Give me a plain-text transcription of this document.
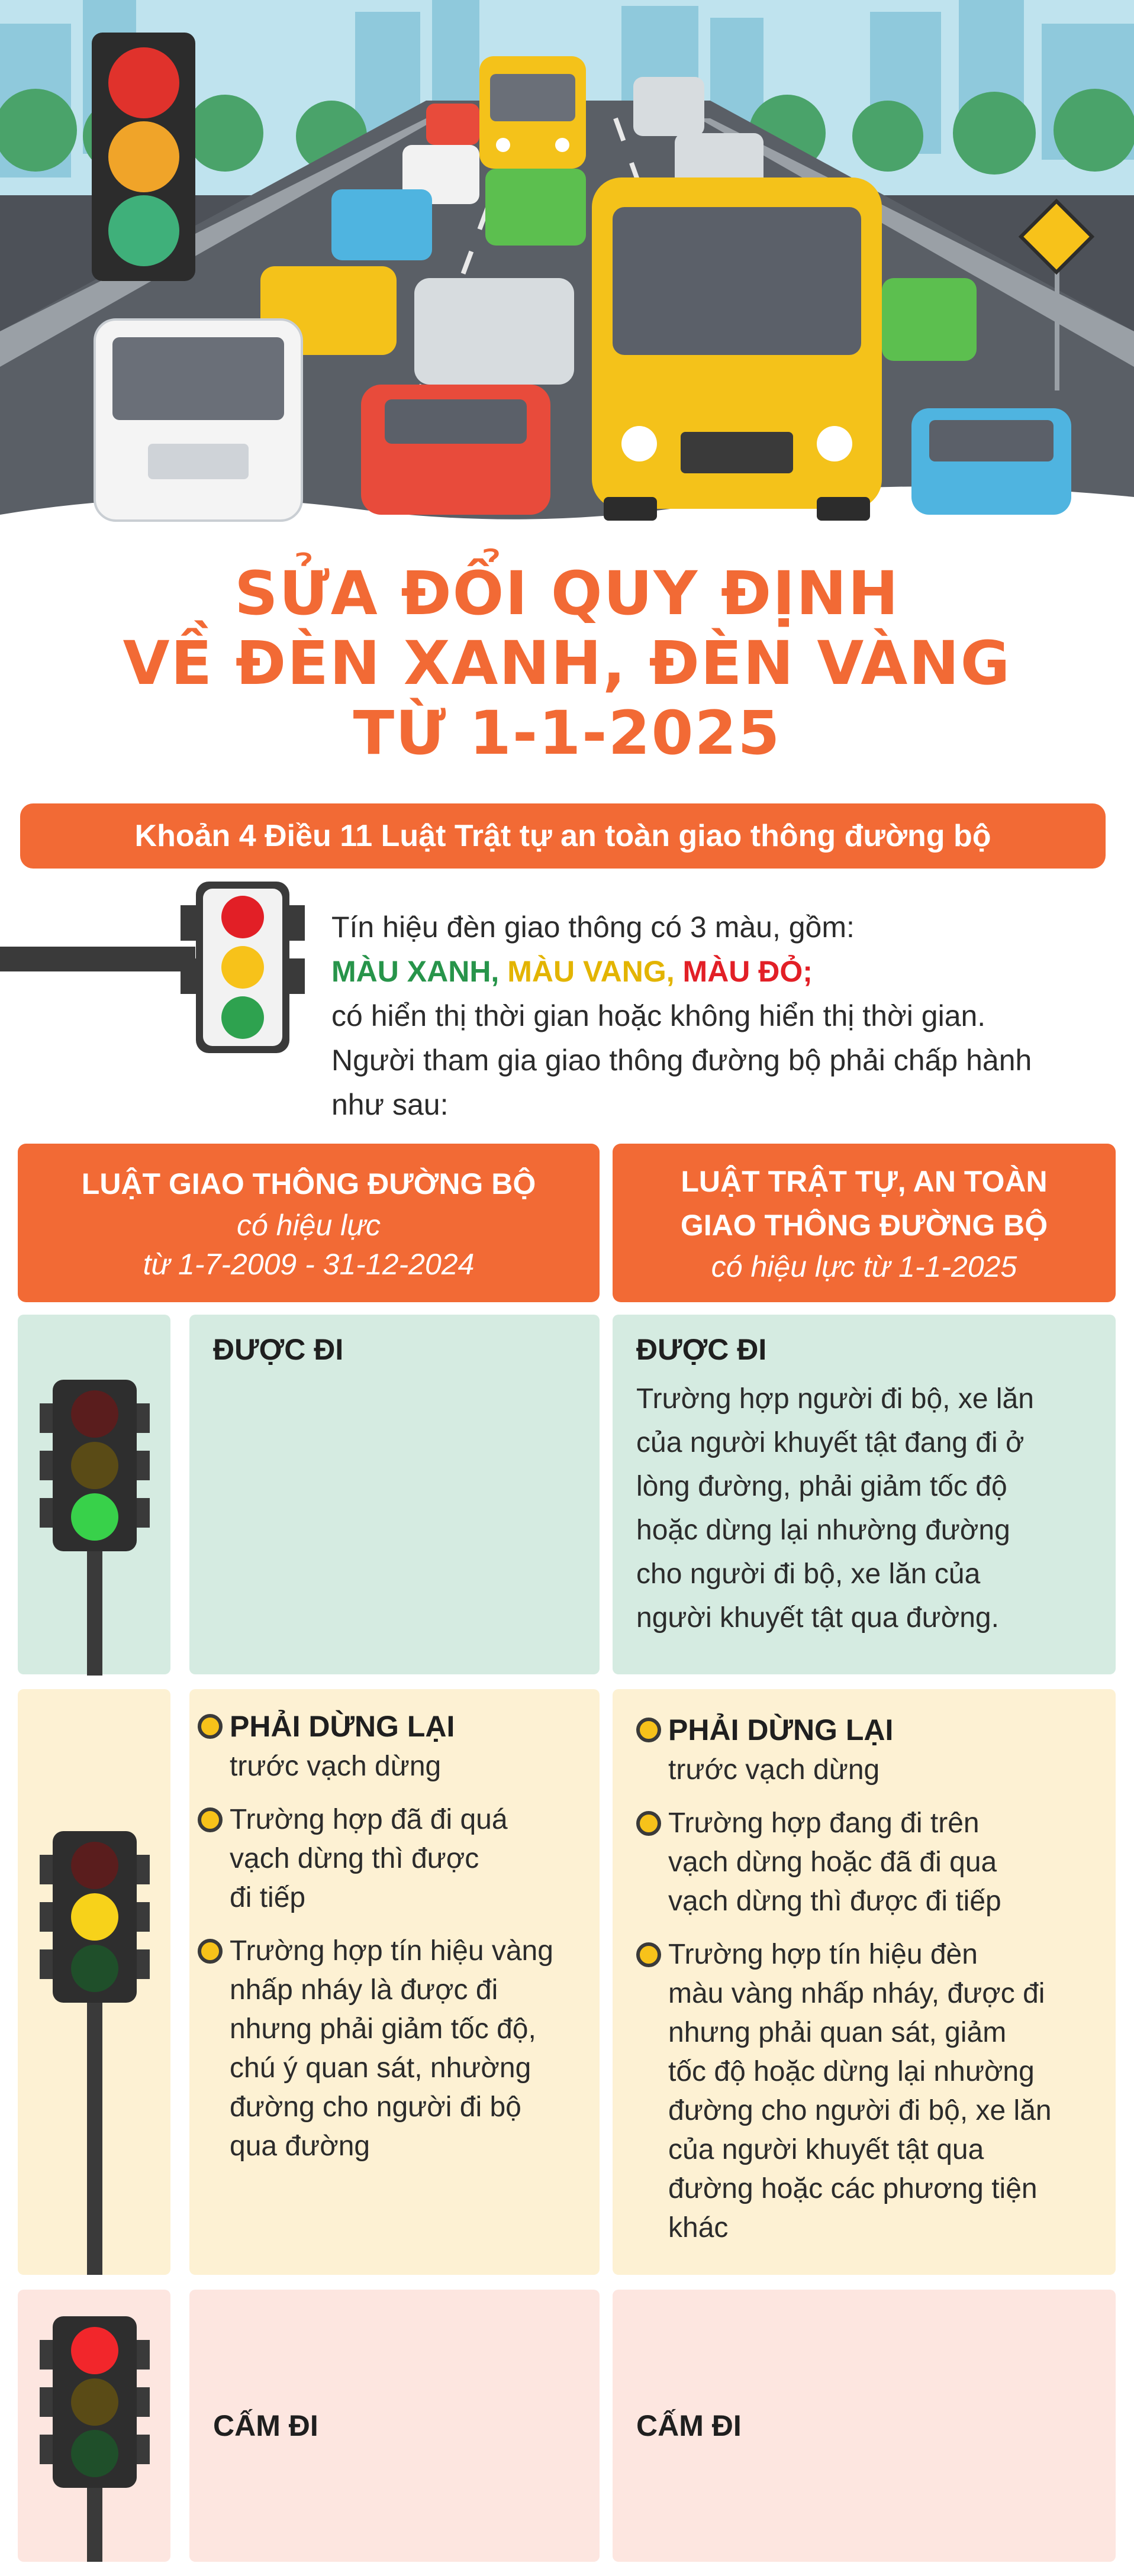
SỬA ĐỔI QUY ĐỊNH
VỀ ĐÈN XANH, ĐÈN VÀNG
TỪ 1-1-2025
Khoản 4 Điều 11 Luật Trật tự an toàn giao thông đường bộ
Tín hiệu đèn giao thông có 3 màu, gồm:
MÀU XANH, MÀU VANG, MÀU ĐỎ;
có hiển thị thời gian hoặc không hiển thị thời gian.
Người tham gia giao thông đường bộ phải chấp hành
như sau:
LUẬT GIAO THÔNG ĐƯỜNG BỘ
có hiệu lực
từ 1-7-2009 - 31-12-2024
LUẬT TRẬT TỰ, AN TOÀN
GIAO THÔNG ĐƯỜNG BỘ
có hiệu lực từ 1-1-2025
ĐƯỢC ĐI	ĐƯỢC ĐI
Trường hợp người đi bộ, xe lăn
của người khuyết tật đang đi ở
lòng đường, phải giảm tốc độ
hoặc dừng lại nhường đường
cho người đi bộ, xe lăn của
người khuyết tật qua đường.
PHẢI DỪNG LẠI
trước vạch dừng
Trường hợp đã đi quá
vạch dừng thì được
đi tiếp
Trường hợp tín hiệu vàng
nhấp nháy là được đi
nhưng phải giảm tốc độ,
chú ý quan sát, nhường
đường cho người đi bộ
qua đường
PHẢI DỪNG LẠI
trước vạch dừng
Trường hợp đang đi trên
vạch dừng hoặc đã đi qua
vạch dừng thì được đi tiếp
Trường hợp tín hiệu đèn
màu vàng nhấp nháy, được đi
nhưng phải quan sát, giảm
tốc độ hoặc dừng lại nhường
đường cho người đi bộ, xe lăn
của người khuyết tật qua
đường hoặc các phương tiện
khác
CẤM ĐI	CẤM ĐI
